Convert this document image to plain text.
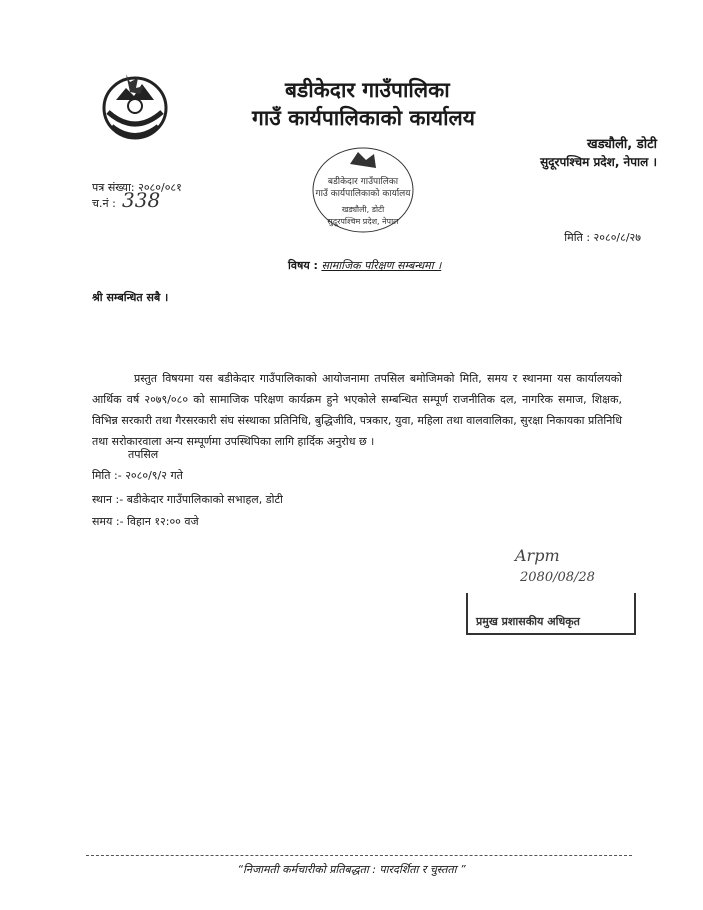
बडीकेदार गाउँपालिका
गाउँ कार्यपालिकाको कार्यालय
खड्यौली, डोटी
सुदूरपश्चिम प्रदेश, नेपाल ।
बडीकेदार गाउँपालिका
गाउँ कार्यपालिकाको कार्यालय
खड्यौली, डोटी
सुदूरपश्चिम प्रदेश, नेपाल
पत्र संख्या: २०८०/०८१
च.नं : 338
मिति : २०८०/८/२७
विषय : सामाजिक परिक्षण सम्बन्धमा ।
श्री सम्बन्धित सबै ।
प्रस्तुत विषयमा यस बडीकेदार गाउँपालिकाको आयोजनामा तपसिल बमोजिमको मिति, समय र स्थानमा यस कार्यालयको आर्थिक वर्ष २०७९/०८० को सामाजिक परिक्षण कार्यक्रम हुने भएकोले सम्बन्धित सम्पूर्ण राजनीतिक दल, नागरिक समाज, शिक्षक, विभिन्न सरकारी तथा गैरसरकारी संघ संस्थाका प्रतिनिधि, बुद्धिजीवि, पत्रकार, युवा, महिला तथा वालवालिका, सुरक्षा निकायका प्रतिनिधि तथा सरोकारवाला अन्य सम्पूर्णमा उपस्थिपिका लागि हार्दिक अनुरोध छ ।
तपसिल
मिति :- २०८०/९/२ गते
स्थान :- बडीकेदार गाउँपालिकाको सभाहल, डोटी
समय :- विहान १२:०० वजे
Arpm
2080/08/28
प्रमुख प्रशासकीय अधिकृत
“निजामती कर्मचारीको प्रतिबद्धता : पारदर्शिता र चुस्तता ”
